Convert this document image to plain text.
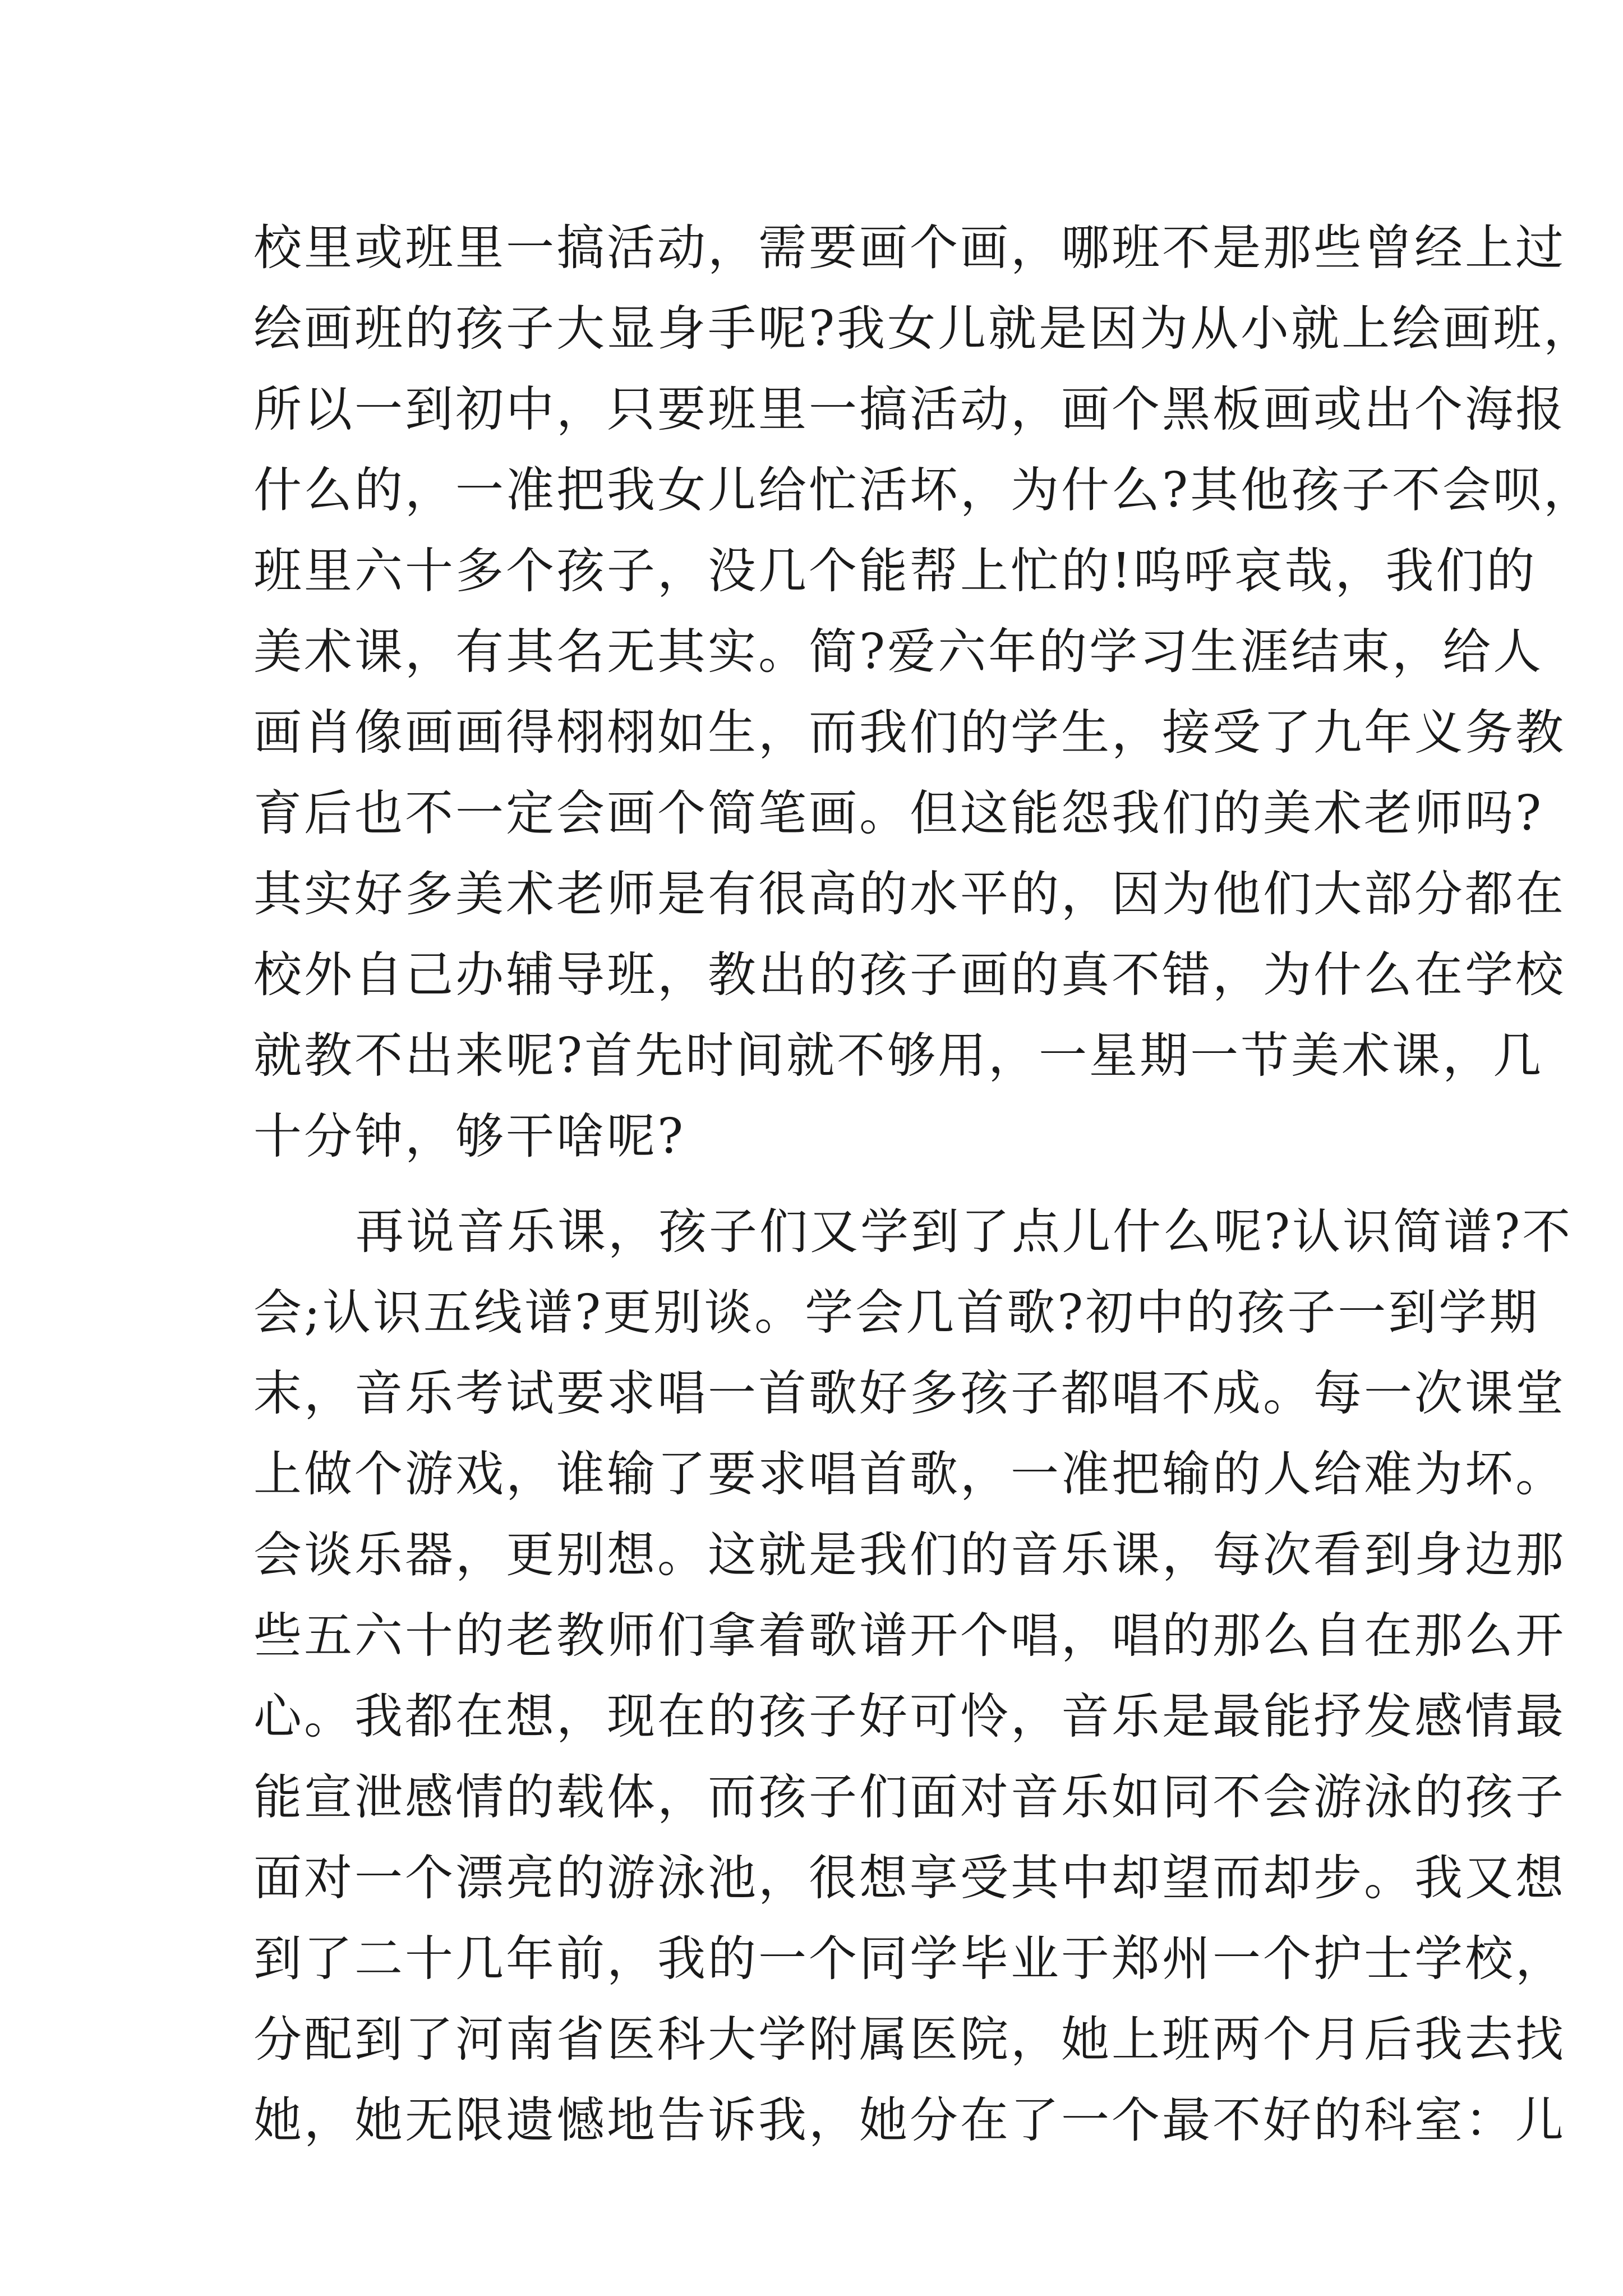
校里或班里一搞活动，需要画个画，哪班不是那些曾经上过
绘画班的孩子大显身手呢?我女儿就是因为从小就上绘画班，
所以一到初中，只要班里一搞活动，画个黑板画或出个海报
什么的，一准把我女儿给忙活坏，为什么?其他孩子不会呗，
班里六十多个孩子，没几个能帮上忙的!呜呼哀哉，我们的
美术课，有其名无其实。简?爱六年的学习生涯结束，给人
画肖像画画得栩栩如生，而我们的学生，接受了九年义务教
育后也不一定会画个简笔画。但这能怨我们的美术老师吗?
其实好多美术老师是有很高的水平的，因为他们大部分都在
校外自己办辅导班，教出的孩子画的真不错，为什么在学校
就教不出来呢?首先时间就不够用，一星期一节美术课，几
十分钟，够干啥呢?
再说音乐课，孩子们又学到了点儿什么呢?认识简谱?不
会;认识五线谱?更别谈。学会几首歌?初中的孩子一到学期
末，音乐考试要求唱一首歌好多孩子都唱不成。每一次课堂
上做个游戏，谁输了要求唱首歌，一准把输的人给难为坏。
会谈乐器，更别想。这就是我们的音乐课，每次看到身边那
些五六十的老教师们拿着歌谱开个唱，唱的那么自在那么开
心。我都在想，现在的孩子好可怜，音乐是最能抒发感情最
能宣泄感情的载体，而孩子们面对音乐如同不会游泳的孩子
面对一个漂亮的游泳池，很想享受其中却望而却步。我又想
到了二十几年前，我的一个同学毕业于郑州一个护士学校，
分配到了河南省医科大学附属医院，她上班两个月后我去找
她，她无限遗憾地告诉我，她分在了一个最不好的科室：儿
